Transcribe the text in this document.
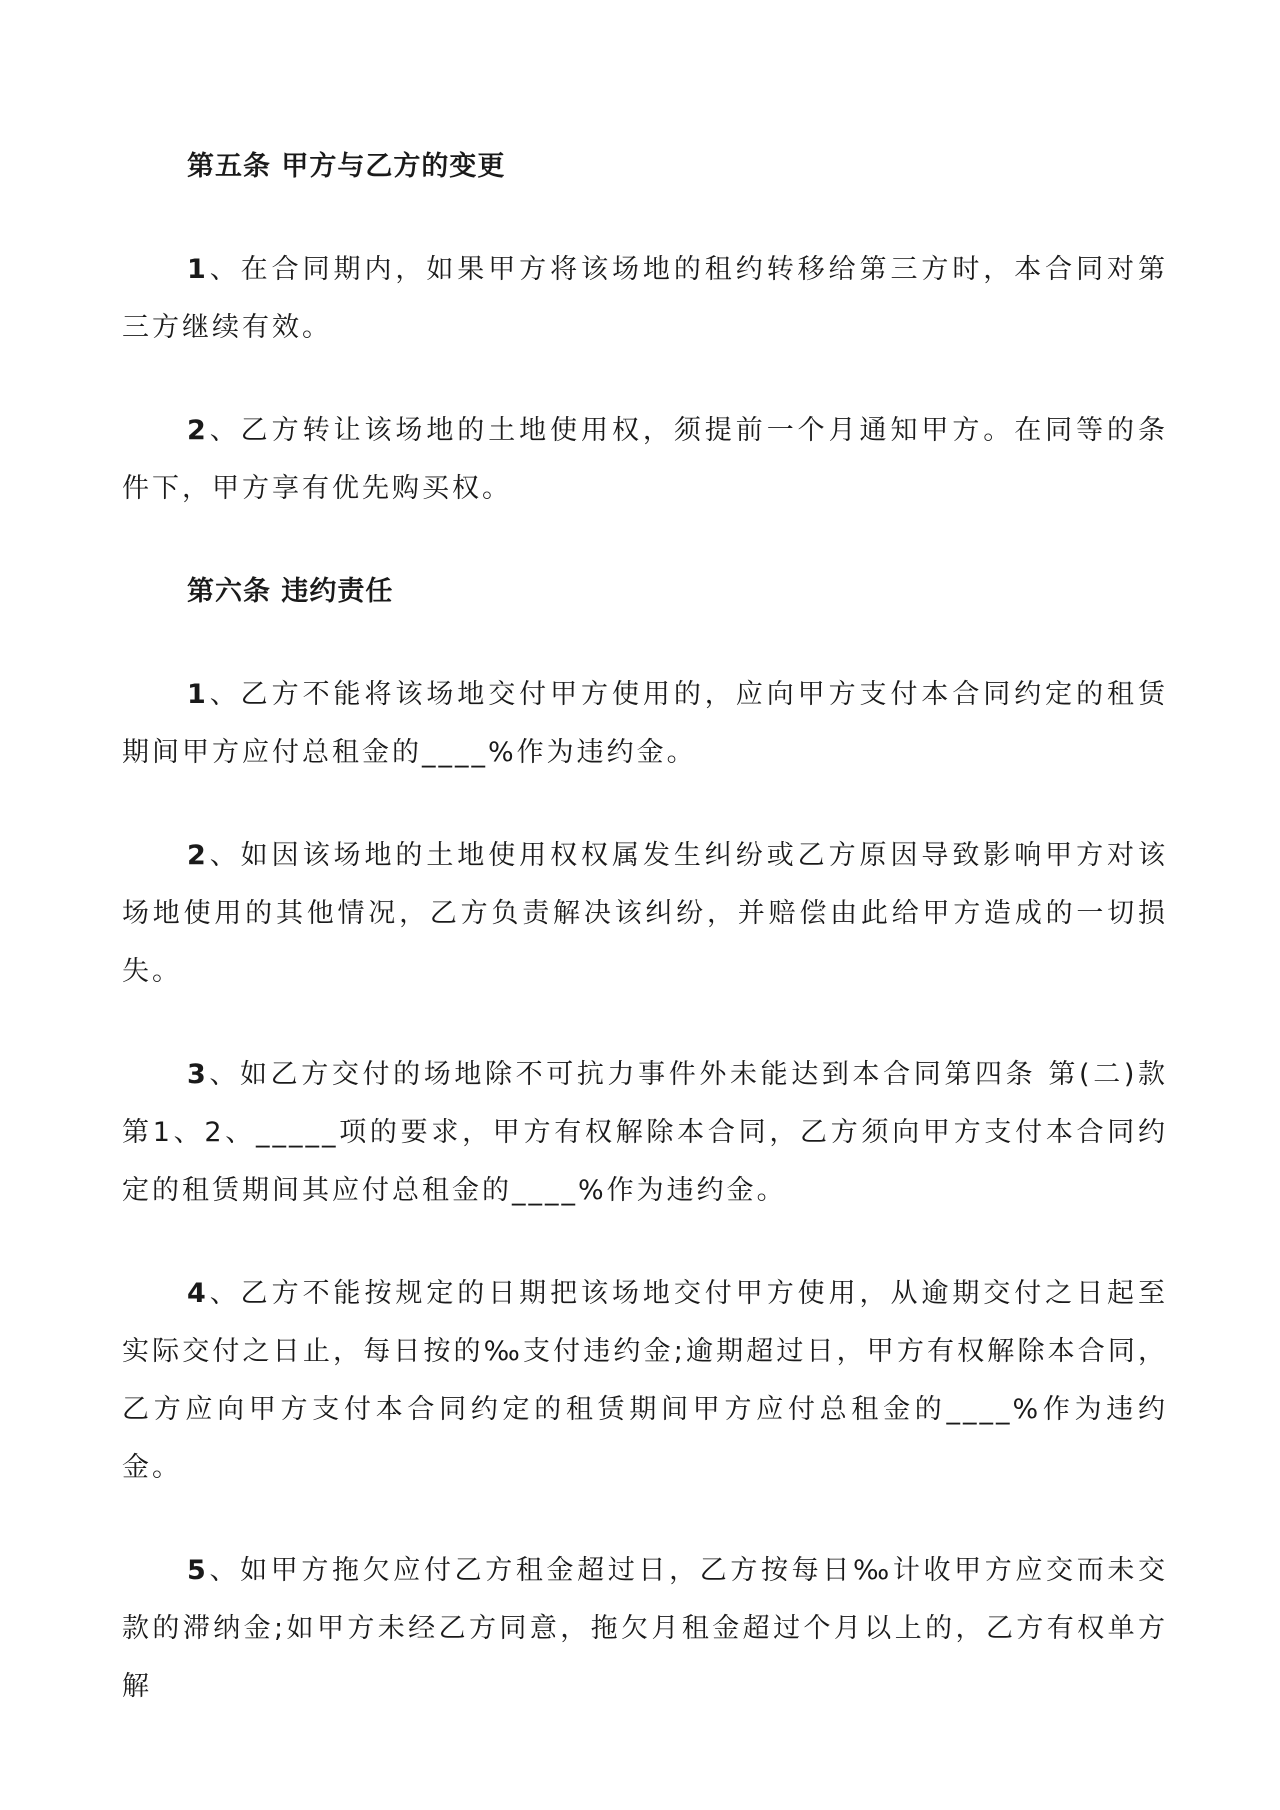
第五条 甲方与乙方的变更

1、在合同期内，如果甲方将该场地的租约转移给第三方时，本合同对第三方继续有效。

2、乙方转让该场地的土地使用权，须提前一个月通知甲方。在同等的条件下，甲方享有优先购买权。

第六条 违约责任

1、乙方不能将该场地交付甲方使用的，应向甲方支付本合同约定的租赁期间甲方应付总租金的____%作为违约金。

2、如因该场地的土地使用权权属发生纠纷或乙方原因导致影响甲方对该场地使用的其他情况，乙方负责解决该纠纷，并赔偿由此给甲方造成的一切损失。

3、如乙方交付的场地除不可抗力事件外未能达到本合同第四条 第(二)款第1、2、_____项的要求，甲方有权解除本合同，乙方须向甲方支付本合同约定的租赁期间其应付总租金的____%作为违约金。

4、乙方不能按规定的日期把该场地交付甲方使用，从逾期交付之日起至实际交付之日止，每日按的‰支付违约金;逾期超过日，甲方有权解除本合同，乙方应向甲方支付本合同约定的租赁期间甲方应付总租金的____%作为违约金。

5、如甲方拖欠应付乙方租金超过日，乙方按每日‰计收甲方应交而未交款的滞纳金;如甲方未经乙方同意，拖欠月租金超过个月以上的，乙方有权单方解
